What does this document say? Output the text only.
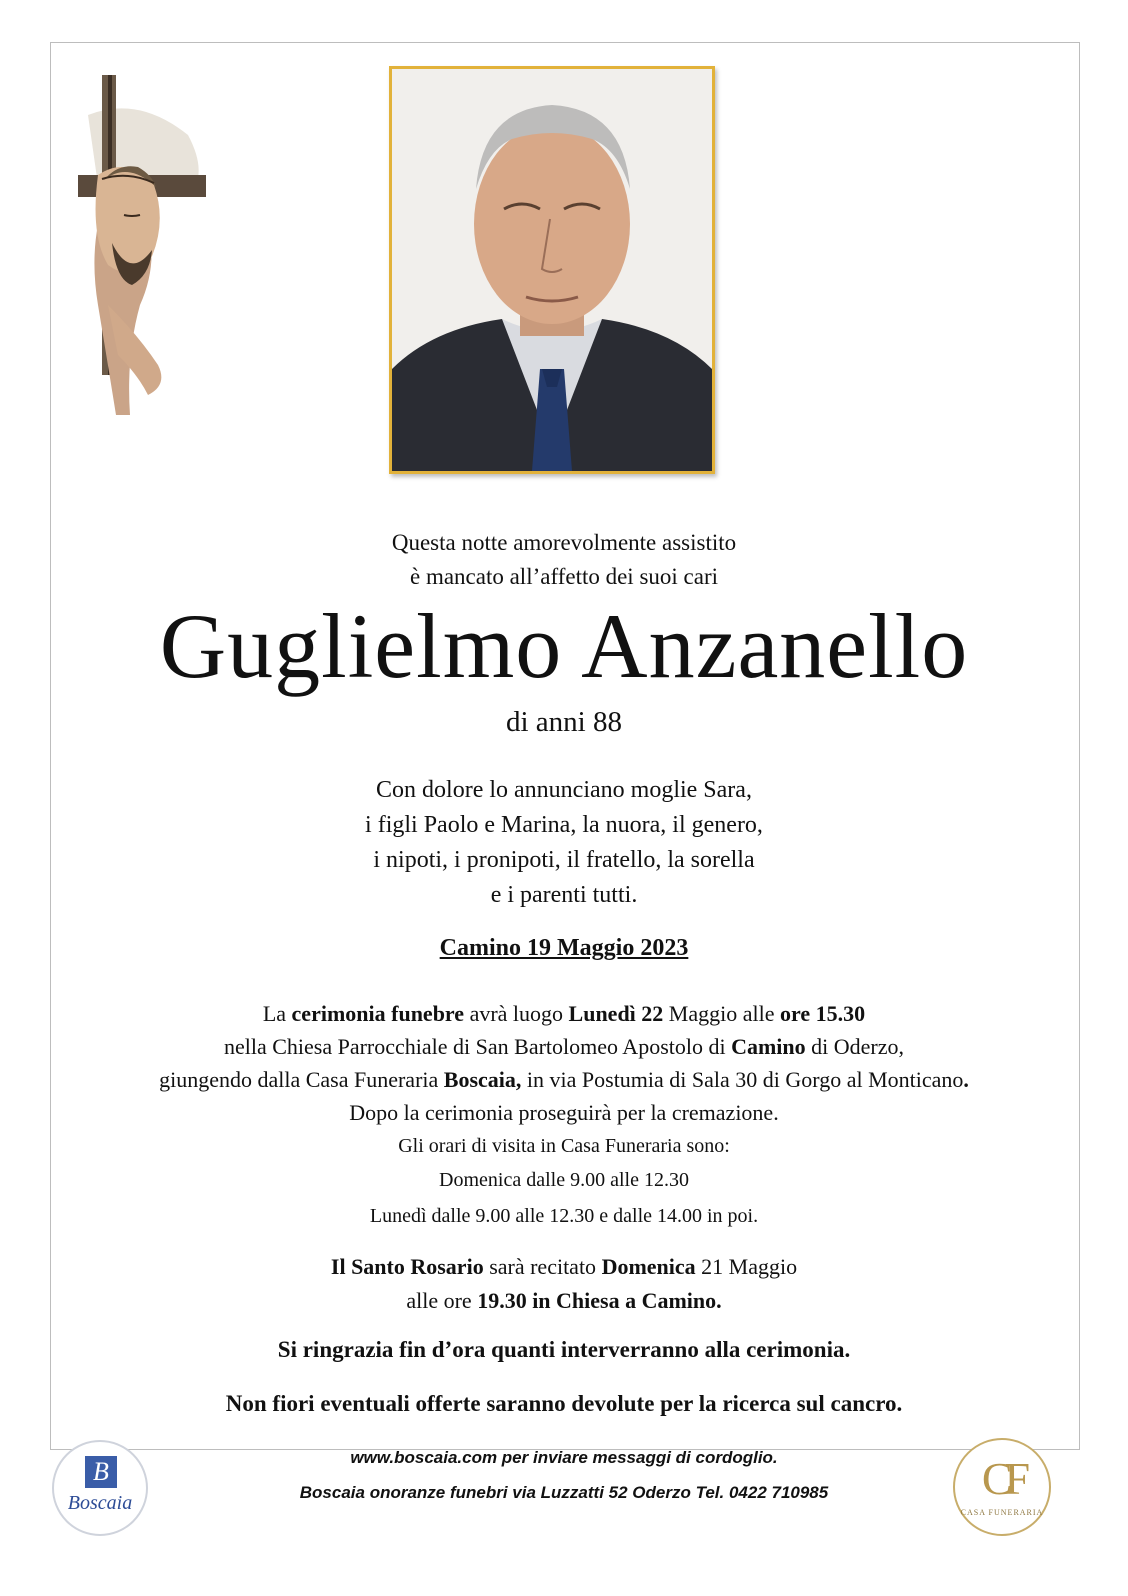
Questa notte amorevolmente assistito
è mancato all’affetto dei suoi cari
Guglielmo Anzanello
di anni 88
Con dolore lo annunciano moglie Sara,
i figli Paolo e Marina, la nuora, il genero,
i nipoti, i pronipoti, il fratello, la sorella
e i parenti tutti.
Camino 19 Maggio 2023
La cerimonia funebre avrà luogo Lunedì 22 Maggio alle ore 15.30
nella Chiesa Parrocchiale di San Bartolomeo Apostolo di Camino di Oderzo,
giungendo dalla Casa Funeraria Boscaia, in via Postumia di Sala 30 di Gorgo al Monticano.
Dopo la cerimonia proseguirà per la cremazione.
Gli orari di visita in Casa Funeraria sono:
Domenica dalle 9.00 alle 12.30
Lunedì dalle 9.00 alle 12.30 e dalle 14.00 in poi.
Il Santo Rosario sarà recitato Domenica 21 Maggio
alle ore 19.30 in Chiesa a Camino.
Si ringrazia fin d’ora quanti interverranno alla cerimonia.
Non fiori eventuali offerte saranno devolute per la ricerca sul cancro.
B
Boscaia
www.boscaia.com per inviare messaggi di cordoglio.
Boscaia onoranze funebri via Luzzatti 52 Oderzo Tel. 0422 710985	CF
CASA FUNERARIA
